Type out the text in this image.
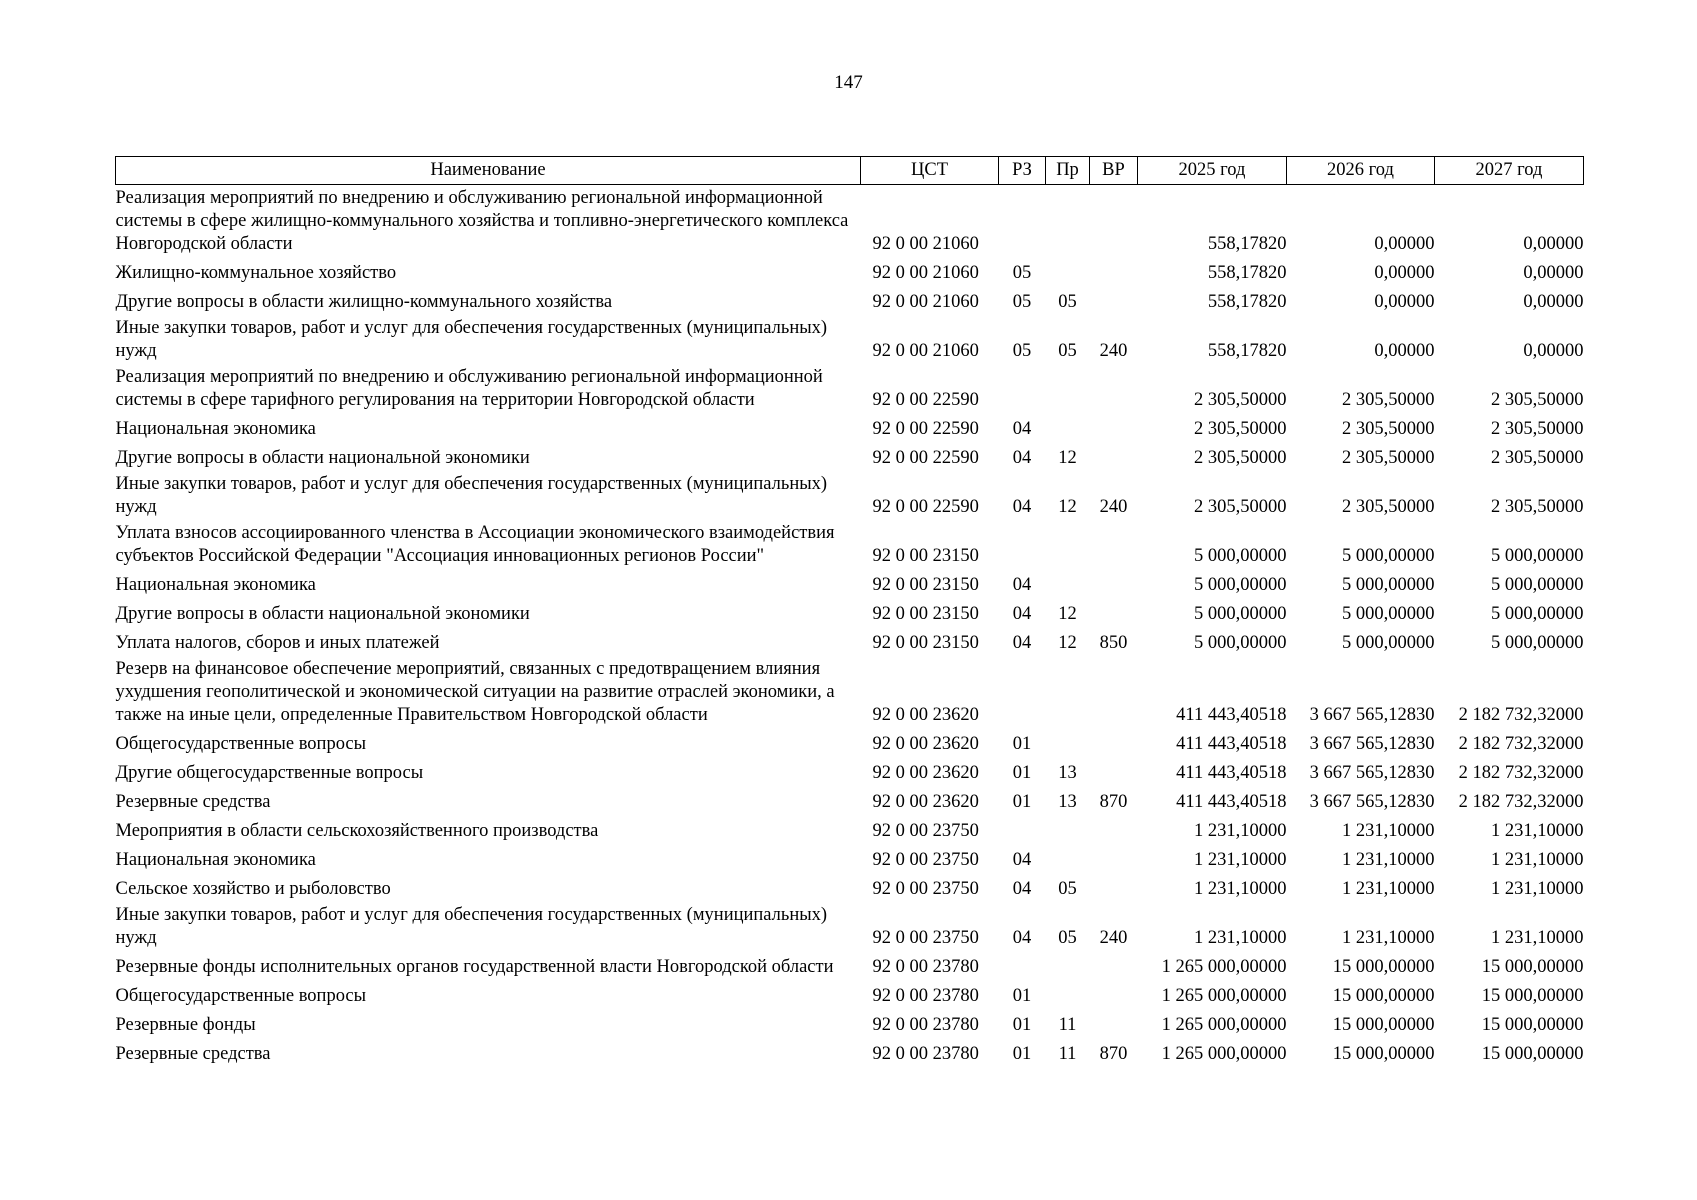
147
Наименование	ЦСТ	РЗ	Пр	ВР	2025 год	2026 год	2027 год
Реализация мероприятий по внедрению и обслуживанию региональной информационной системы в сфере жилищно-коммунального хозяйства и топливно-энергетического комплекса Новгородской области	92 0 00 21060				558,17820	0,00000	0,00000
Жилищно-коммунальное хозяйство	92 0 00 21060	05			558,17820	0,00000	0,00000
Другие вопросы в области жилищно-коммунального хозяйства	92 0 00 21060	05	05		558,17820	0,00000	0,00000
Иные закупки товаров, работ и услуг для обеспечения государственных (муниципальных) нужд	92 0 00 21060	05	05	240	558,17820	0,00000	0,00000
Реализация мероприятий по внедрению и обслуживанию региональной информационной системы в сфере тарифного регулирования на территории Новгородской области	92 0 00 22590				2 305,50000	2 305,50000	2 305,50000
Национальная экономика	92 0 00 22590	04			2 305,50000	2 305,50000	2 305,50000
Другие вопросы в области национальной экономики	92 0 00 22590	04	12		2 305,50000	2 305,50000	2 305,50000
Иные закупки товаров, работ и услуг для обеспечения государственных (муниципальных) нужд	92 0 00 22590	04	12	240	2 305,50000	2 305,50000	2 305,50000
Уплата взносов ассоциированного членства в Ассоциации экономического взаимодействия субъектов Российской Федерации "Ассоциация инновационных регионов России"	92 0 00 23150				5 000,00000	5 000,00000	5 000,00000
Национальная экономика	92 0 00 23150	04			5 000,00000	5 000,00000	5 000,00000
Другие вопросы в области национальной экономики	92 0 00 23150	04	12		5 000,00000	5 000,00000	5 000,00000
Уплата налогов, сборов и иных платежей	92 0 00 23150	04	12	850	5 000,00000	5 000,00000	5 000,00000
Резерв на финансовое обеспечение мероприятий, связанных с предотвращением влияния ухудшения геополитической и экономической ситуации на развитие отраслей экономики, а также на иные цели, определенные Правительством Новгородской области	92 0 00 23620				411 443,40518	3 667 565,12830	2 182 732,32000
Общегосударственные вопросы	92 0 00 23620	01			411 443,40518	3 667 565,12830	2 182 732,32000
Другие общегосударственные вопросы	92 0 00 23620	01	13		411 443,40518	3 667 565,12830	2 182 732,32000
Резервные средства	92 0 00 23620	01	13	870	411 443,40518	3 667 565,12830	2 182 732,32000
Мероприятия в области сельскохозяйственного производства	92 0 00 23750				1 231,10000	1 231,10000	1 231,10000
Национальная экономика	92 0 00 23750	04			1 231,10000	1 231,10000	1 231,10000
Сельское хозяйство и рыболовство	92 0 00 23750	04	05		1 231,10000	1 231,10000	1 231,10000
Иные закупки товаров, работ и услуг для обеспечения государственных (муниципальных) нужд	92 0 00 23750	04	05	240	1 231,10000	1 231,10000	1 231,10000
Резервные фонды исполнительных органов государственной власти Новгородской области	92 0 00 23780				1 265 000,00000	15 000,00000	15 000,00000
Общегосударственные вопросы	92 0 00 23780	01			1 265 000,00000	15 000,00000	15 000,00000
Резервные фонды	92 0 00 23780	01	11		1 265 000,00000	15 000,00000	15 000,00000
Резервные средства	92 0 00 23780	01	11	870	1 265 000,00000	15 000,00000	15 000,00000
